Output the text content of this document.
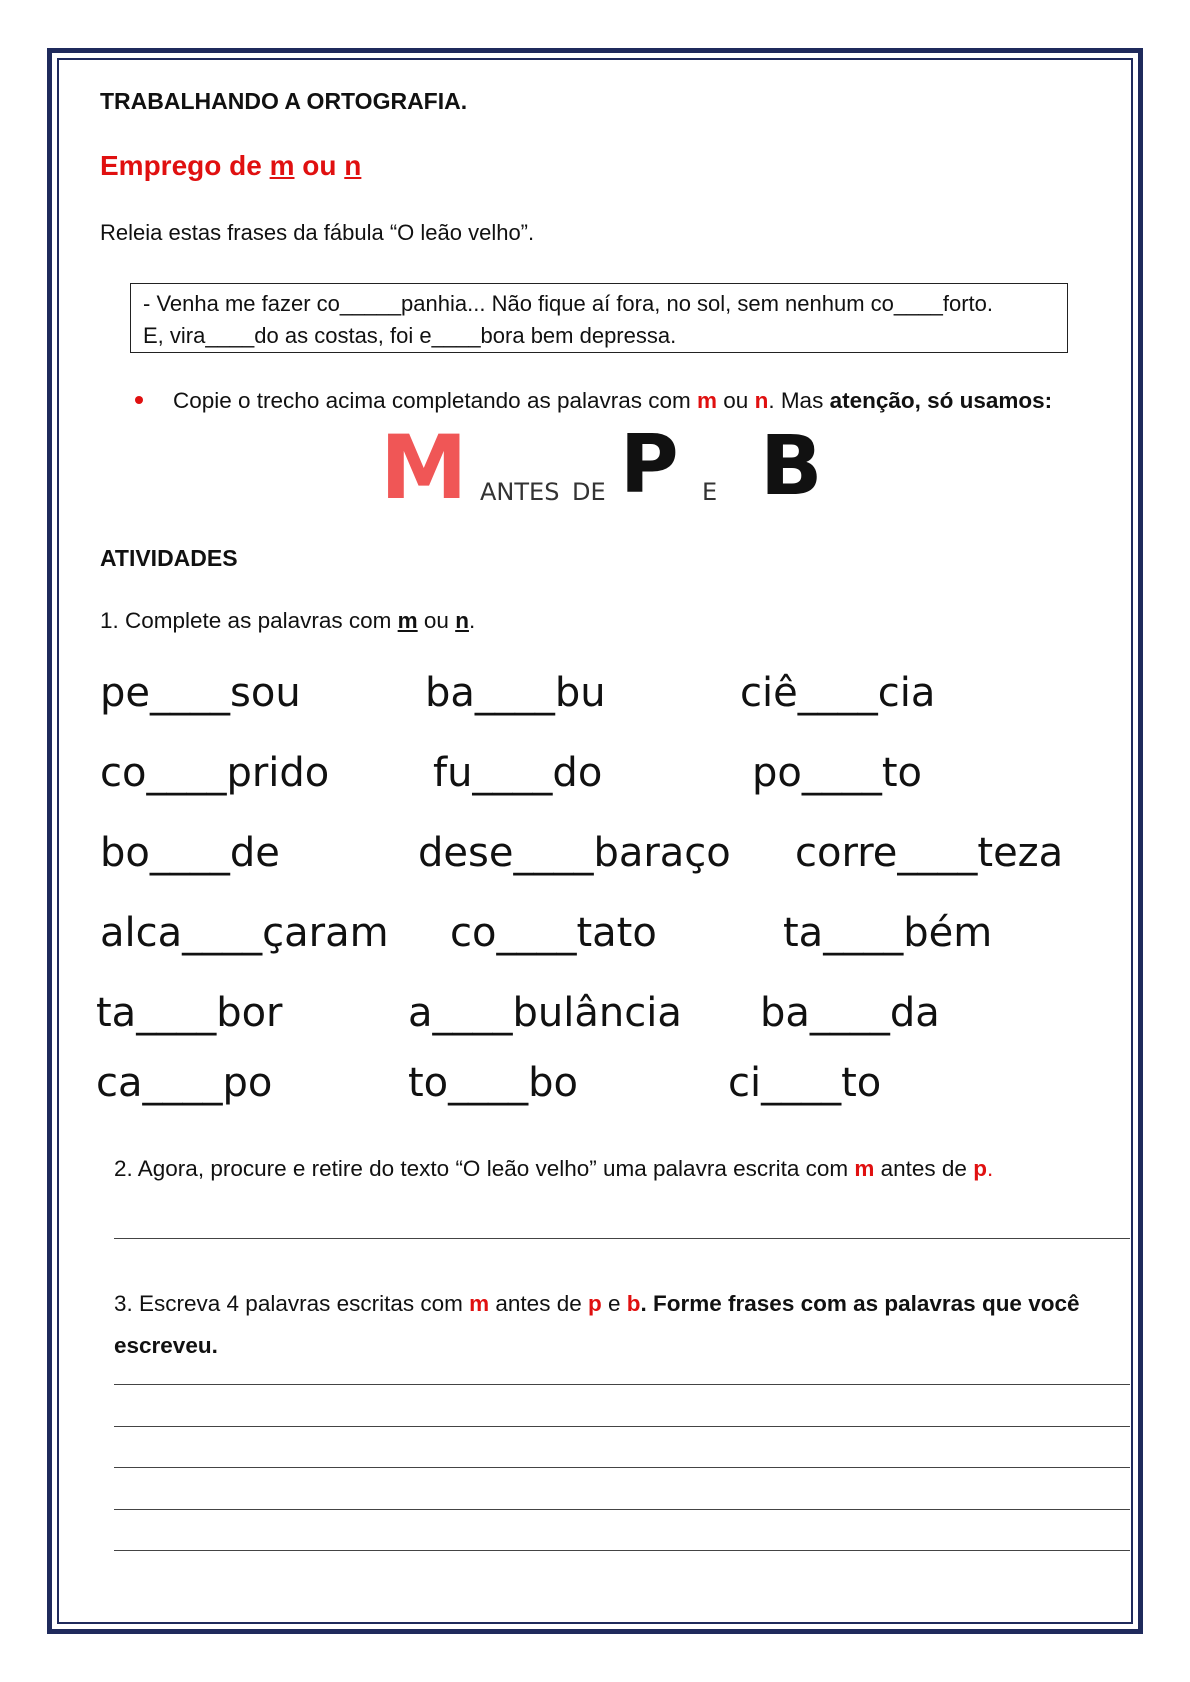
TRABALHANDO A ORTOGRAFIA.
Emprego de m ou n
Releia estas frases da fábula “O leão velho”.
- Venha me fazer co_____panhia... Não fique aí fora, no sol, sem nenhum co____forto.
E, vira____do as costas, foi e____bora bem depressa.
Copie o trecho acima completando as palavras com m ou n. Mas atenção, só usamos:
M ANTES DE P E B
ATIVIDADES
1. Complete as palavras com m ou n.
pe____sou	ba____bu	ciê____cia
co____prido	fu____do	po____to
bo____de	dese____baraço corre____teza
alca____çaram co____tato	ta____bém
ta____bor	a____bulância ba____da
ca____po	to____bo	ci____to
2. Agora, procure e retire do texto “O leão velho” uma palavra escrita com m antes de p.
3. Escreva 4 palavras escritas com m antes de p e b. Forme frases com as palavras que você escreveu.
